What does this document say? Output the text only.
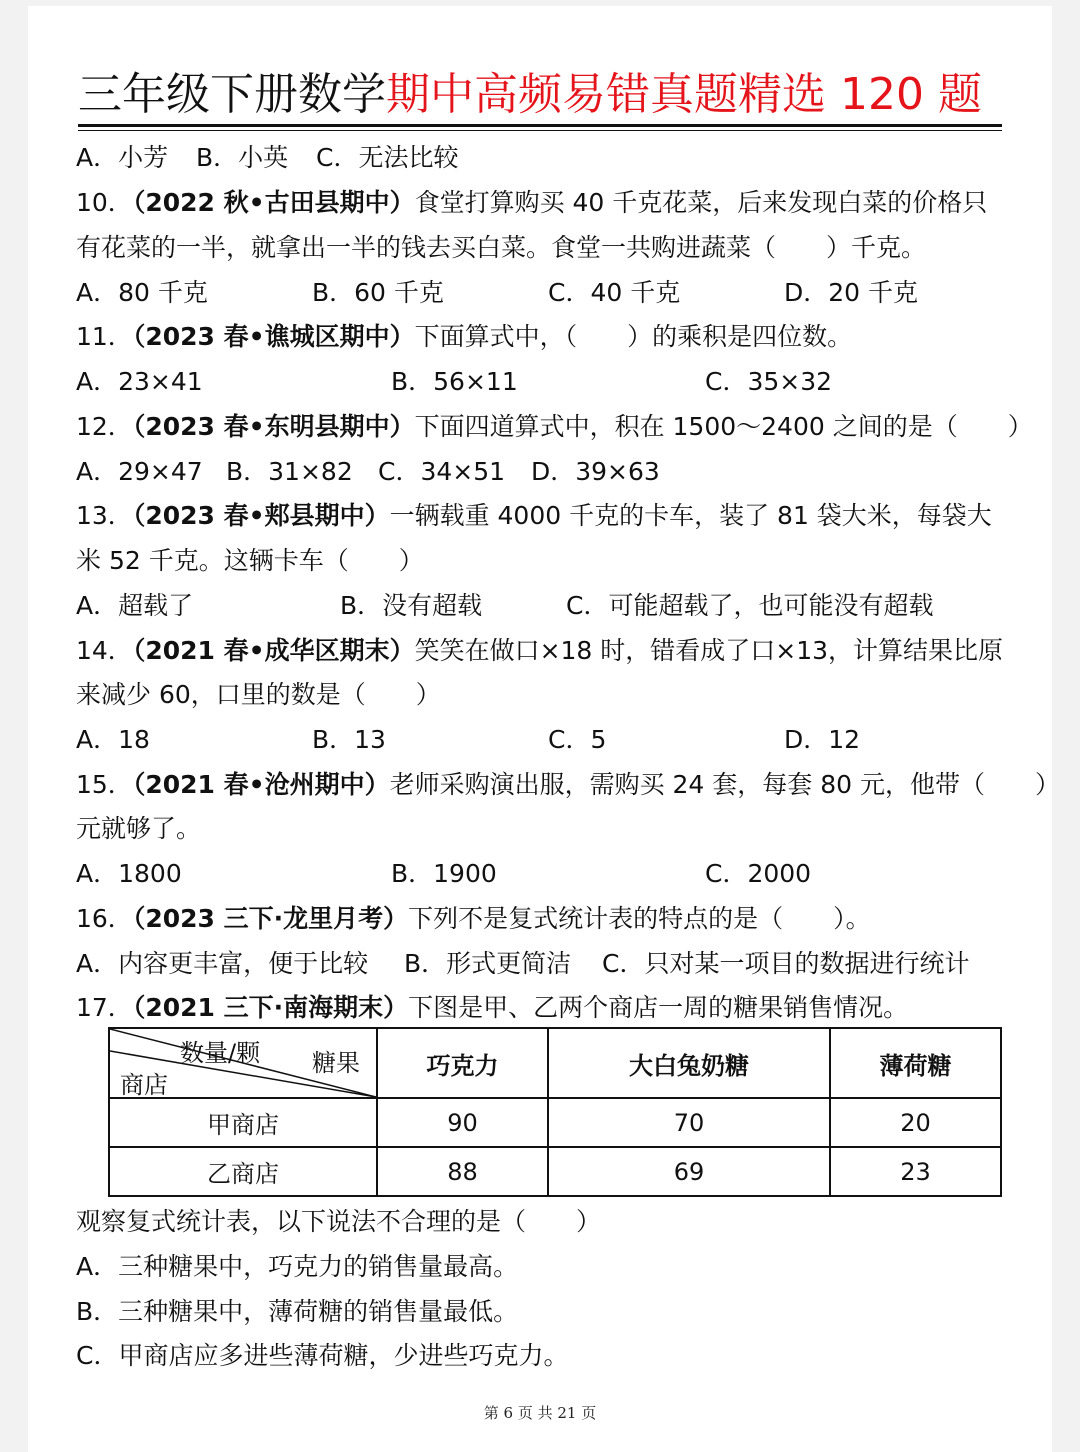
三年级下册数学期中高频易错真题精选 120 题
A．小芳 B．小英 C．无法比较
10．（2022 秋•古田县期中）食堂打算购买 40 千克花菜，后来发现白菜的价格只
有花菜的一半，就拿出一半的钱去买白菜。食堂一共购进蔬菜（　　）千克。
A．80 千克	B．60 千克	C．40 千克	D．20 千克
11．（2023 春•谯城区期中）下面算式中，（　　）的乘积是四位数。
A．23×41	B．56×11	C．35×32
12．（2023 春•东明县期中）下面四道算式中，积在 1500～2400 之间的是（　　）
A．29×47 B．31×82 C．34×51 D．39×63
13．（2023 春•郏县期中）一辆载重 4000 千克的卡车，装了 81 袋大米，每袋大
米 52 千克。这辆卡车（　　）
A．超载了	B．没有超载	C．可能超载了，也可能没有超载
14．（2021 春•成华区期末）笑笑在做口×18 时，错看成了口×13，计算结果比原
来减少 60，口里的数是（　　）
A．18	B．13	C．5	D．12
15．（2021 春•沧州期中）老师采购演出服，需购买 24 套，每套 80 元，他带（　　）
元就够了。
A．1800	B．1900	C．2000
16．（2023 三下·龙里月考）下列不是复式统计表的特点的是（　　）。
A．内容更丰富，便于比较 B．形式更简洁 C．只对某一项目的数据进行统计
17．（2021 三下·南海期末）下图是甲、乙两个商店一周的糖果销售情况。
数量/颗 糖果
商店	巧克力	大白兔奶糖	薄荷糖
甲商店	90	70	20
乙商店	88	69	23
观察复式统计表，以下说法不合理的是（　　）
A．三种糖果中，巧克力的销售量最高。
B．三种糖果中，薄荷糖的销售量最低。
C．甲商店应多进些薄荷糖，少进些巧克力。
第 6 页 共 21 页
